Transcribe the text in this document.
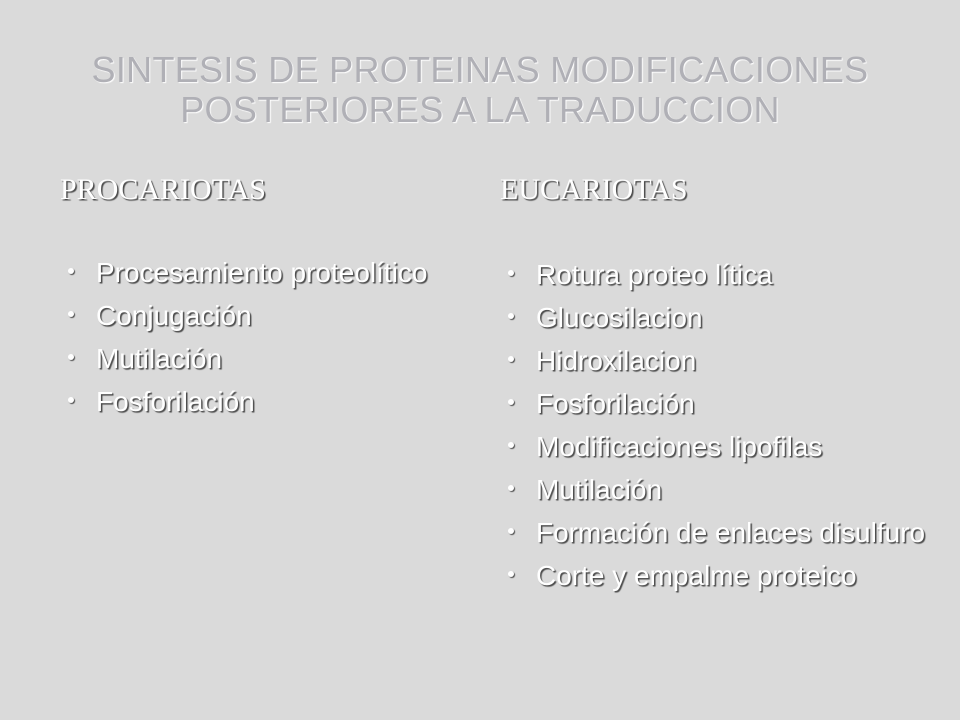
SINTESIS DE PROTEINAS MODIFICACIONES
POSTERIORES A LA TRADUCCION
PROCARIOTAS
Procesamiento proteolítico
Conjugación
Mutilación
Fosforilación
EUCARIOTAS
Rotura proteo lítica
Glucosilacion
Hidroxilacion
Fosforilación
Modificaciones lipofilas
Mutilación
Formación de enlaces disulfuro
Corte y empalme proteico
